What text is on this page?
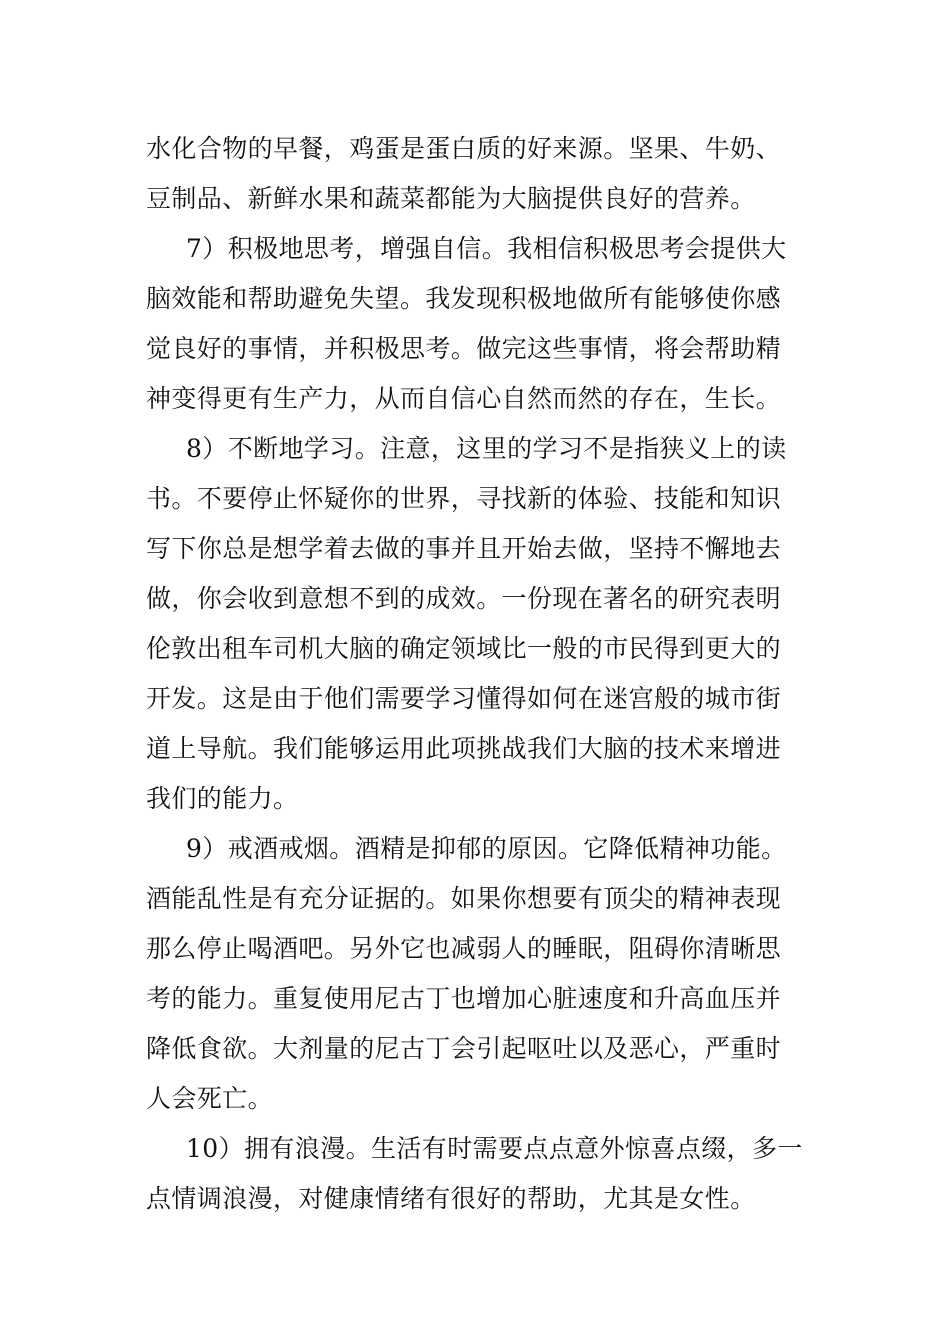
水化合物的早餐，鸡蛋是蛋白质的好来源。坚果、牛奶、
豆制品、新鲜水果和蔬菜都能为大脑提供良好的营养。
7）积极地思考，增强自信。我相信积极思考会提供大
脑效能和帮助避免失望。我发现积极地做所有能够使你感
觉良好的事情，并积极思考。做完这些事情，将会帮助精
神变得更有生产力，从而自信心自然而然的存在，生长。
8）不断地学习。注意，这里的学习不是指狭义上的读
书。不要停止怀疑你的世界，寻找新的体验、技能和知识
写下你总是想学着去做的事并且开始去做，坚持不懈地去
做，你会收到意想不到的成效。一份现在著名的研究表明
伦敦出租车司机大脑的确定领域比一般的市民得到更大的
开发。这是由于他们需要学习懂得如何在迷宫般的城市街
道上导航。我们能够运用此项挑战我们大脑的技术来增进
我们的能力。
9）戒酒戒烟。酒精是抑郁的原因。它降低精神功能。
酒能乱性是有充分证据的。如果你想要有顶尖的精神表现
那么停止喝酒吧。另外它也减弱人的睡眠，阻碍你清晰思
考的能力。重复使用尼古丁也增加心脏速度和升高血压并
降低食欲。大剂量的尼古丁会引起呕吐以及恶心，严重时
人会死亡。
10）拥有浪漫。生活有时需要点点意外惊喜点缀，多一
点情调浪漫，对健康情绪有很好的帮助，尤其是女性。
